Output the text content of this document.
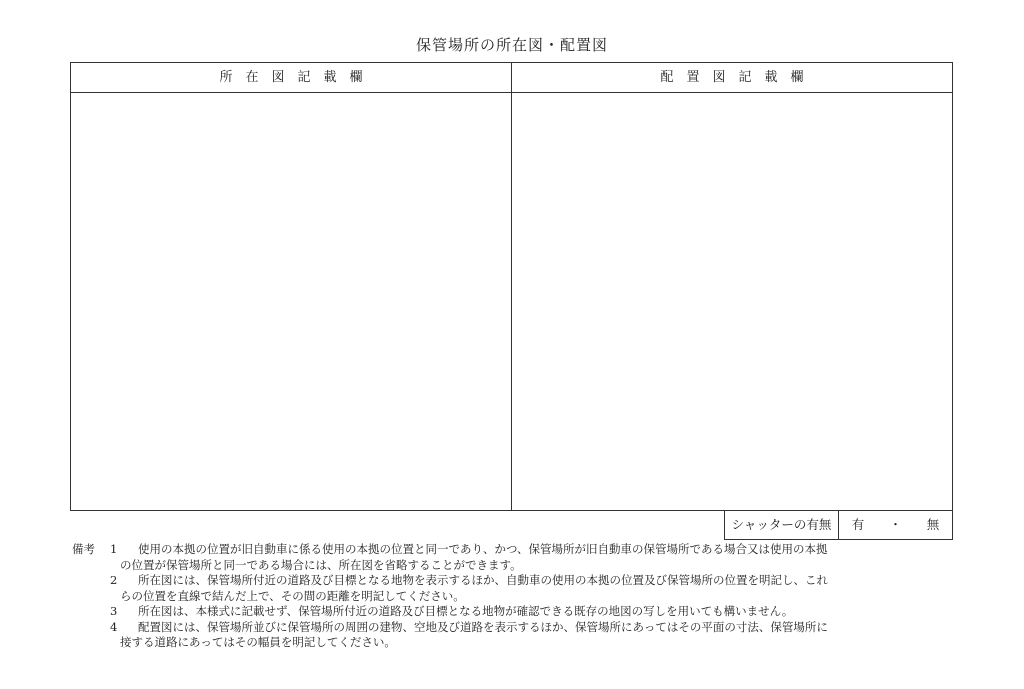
保管場所の所在図・配置図
所　在　図　記　載　欄	配　置　図　記　載　欄
シャッターの有無	有　　・　　無
備考 1 使用の本拠の位置が旧自動車に係る使用の本拠の位置と同一であり、かつ、保管場所が旧自動車の保管場所である場合又は使用の本拠
の位置が保管場所と同一である場合には、所在図を省略することができます。
2 所在図には、保管場所付近の道路及び目標となる地物を表示するほか、自動車の使用の本拠の位置及び保管場所の位置を明記し、これ
らの位置を直線で結んだ上で、その間の距離を明記してください。
3 所在図は、本様式に記載せず、保管場所付近の道路及び目標となる地物が確認できる既存の地図の写しを用いても構いません。
4 配置図には、保管場所並びに保管場所の周囲の建物、空地及び道路を表示するほか、保管場所にあってはその平面の寸法、保管場所に
接する道路にあってはその幅員を明記してください。
